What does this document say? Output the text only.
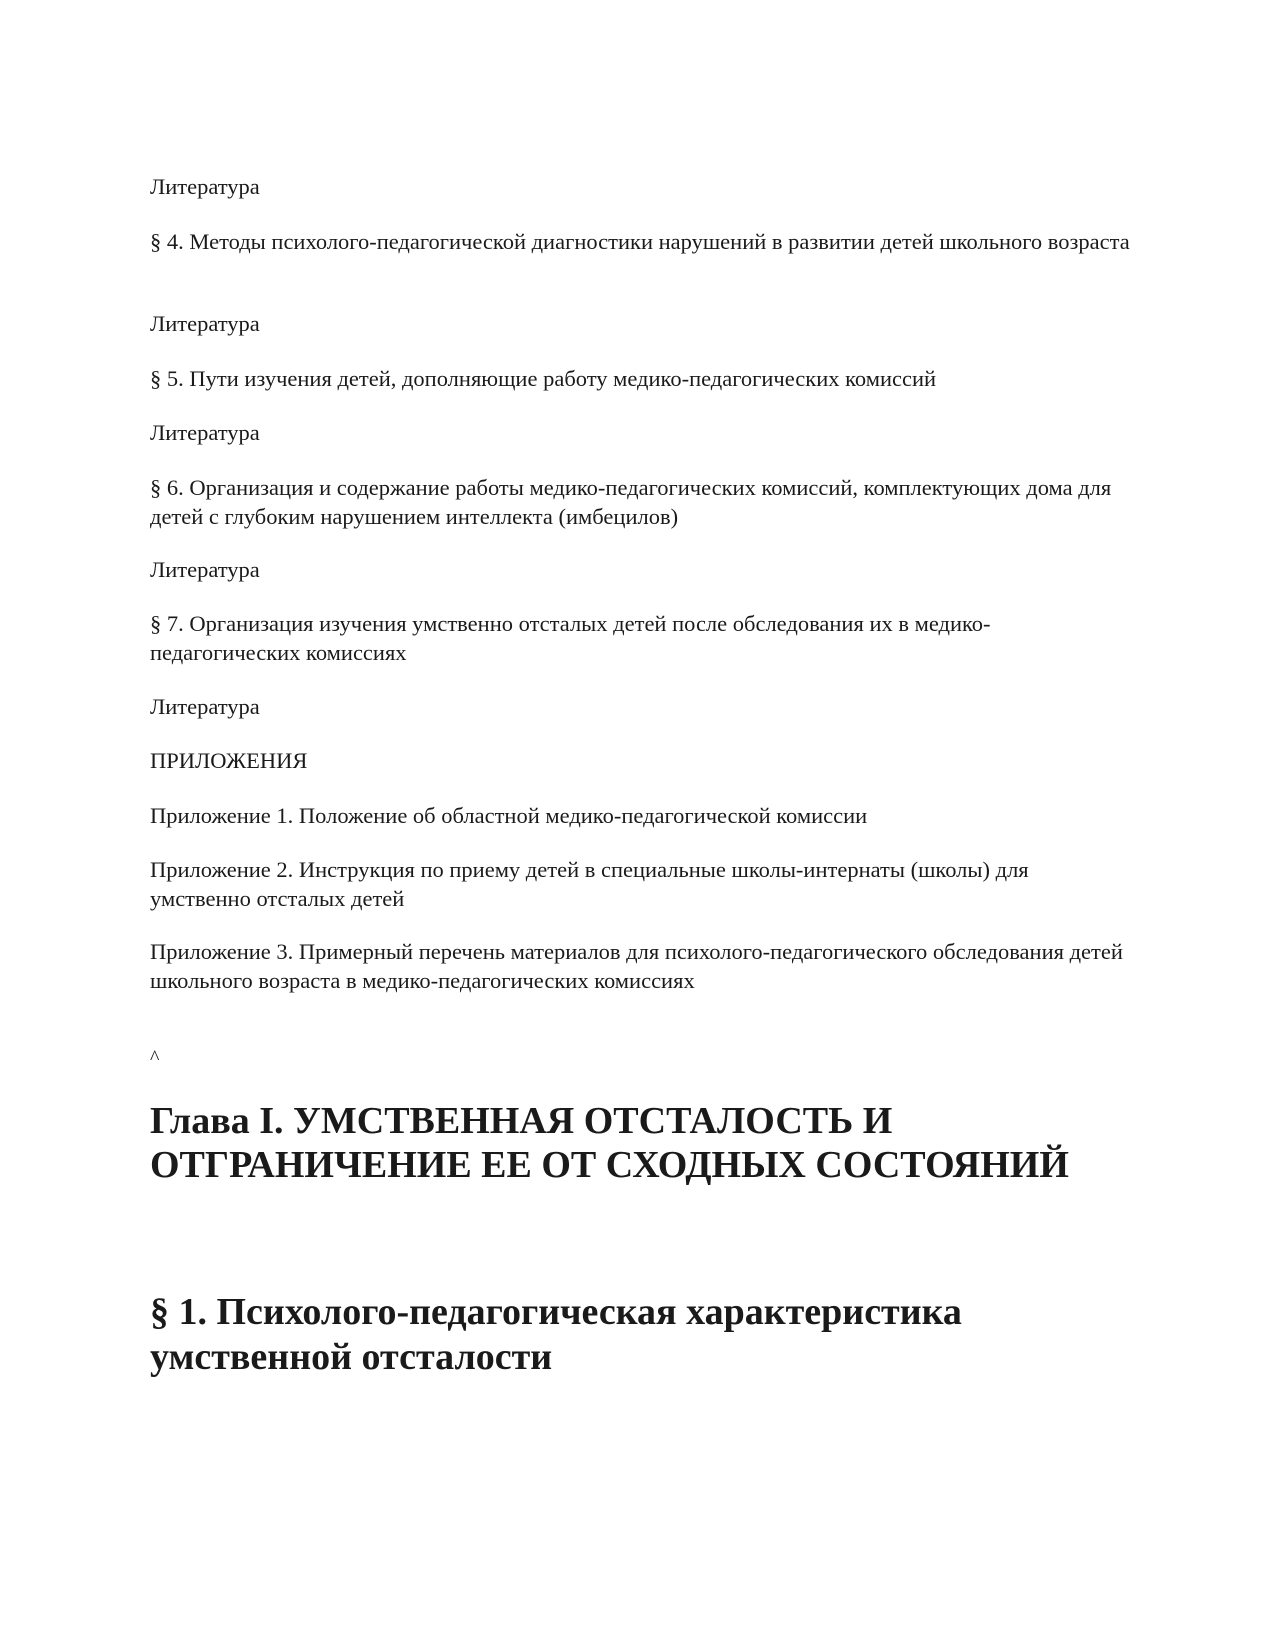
Литература

§ 4. Методы психолого-педагогической диагностики нарушений в развитии детей школьного возраста

Литература

§ 5. Пути изучения детей, дополняющие работу медико-педагогических комиссий

Литература

§ 6. Организация и содержание работы медико-педагогических комиссий, комплектующих дома для детей с глубоким нарушением интеллекта (имбецилов)

Литература

§ 7. Организация изучения умственно отсталых детей после обследования их в медико-педагогических комиссиях

Литература

ПРИЛОЖЕНИЯ

Приложение 1. Положение об областной медико-педагогической комиссии

Приложение 2. Инструкция по приему детей в специальные школы-интернаты (школы) для умственно отсталых детей

Приложение 3. Примерный перечень материалов для психолого-педагогического обследования детей школьного возраста в медико-педагогических комиссиях

^
Глава I. УМСТВЕННАЯ ОТСТАЛОСТЬ И ОТГРАНИЧЕНИЕ ЕЕ ОТ СХОДНЫХ СОСТОЯНИЙ
§ 1. Психолого-педагогическая характеристика умственной отсталости
